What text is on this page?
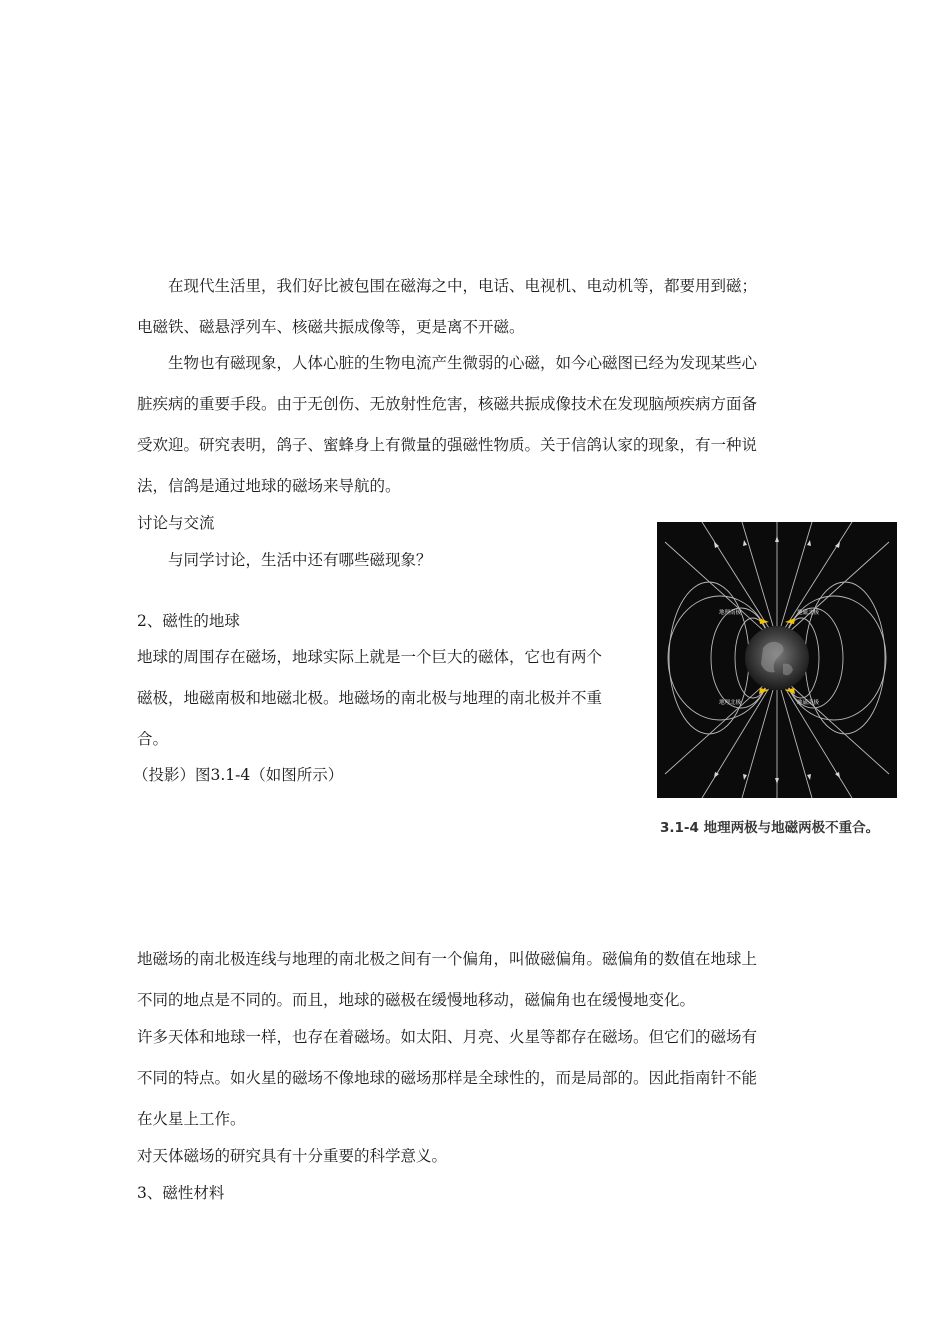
在现代生活里，我们好比被包围在磁海之中，电话、电视机、电动机等，都要用到磁；
电磁铁、磁悬浮列车、核磁共振成像等，更是离不开磁。
生物也有磁现象，人体心脏的生物电流产生微弱的心磁，如今心磁图已经为发现某些心
脏疾病的重要手段。由于无创伤、无放射性危害，核磁共振成像技术在发现脑颅疾病方面备
受欢迎。研究表明，鸽子、蜜蜂身上有微量的强磁性物质。关于信鸽认家的现象，有一种说
法，信鸽是通过地球的磁场来导航的。
讨论与交流
与同学讨论，生活中还有哪些磁现象？
2、磁性的地球
地球的周围存在磁场，地球实际上就是一个巨大的磁体，它也有两个
磁极，地磁南极和地磁北极。地磁场的南北极与地理的南北极并不重
合。
（投影）图3.1-4（如图所示）
地理南极	地磁北极
地理北极	地磁南极
3.1-4 地理两极与地磁两极不重合。
地磁场的南北极连线与地理的南北极之间有一个偏角，叫做磁偏角。磁偏角的数值在地球上
不同的地点是不同的。而且，地球的磁极在缓慢地移动，磁偏角也在缓慢地变化。
许多天体和地球一样，也存在着磁场。如太阳、月亮、火星等都存在磁场。但它们的磁场有
不同的特点。如火星的磁场不像地球的磁场那样是全球性的，而是局部的。因此指南针不能
在火星上工作。
对天体磁场的研究具有十分重要的科学意义。
3、磁性材料
